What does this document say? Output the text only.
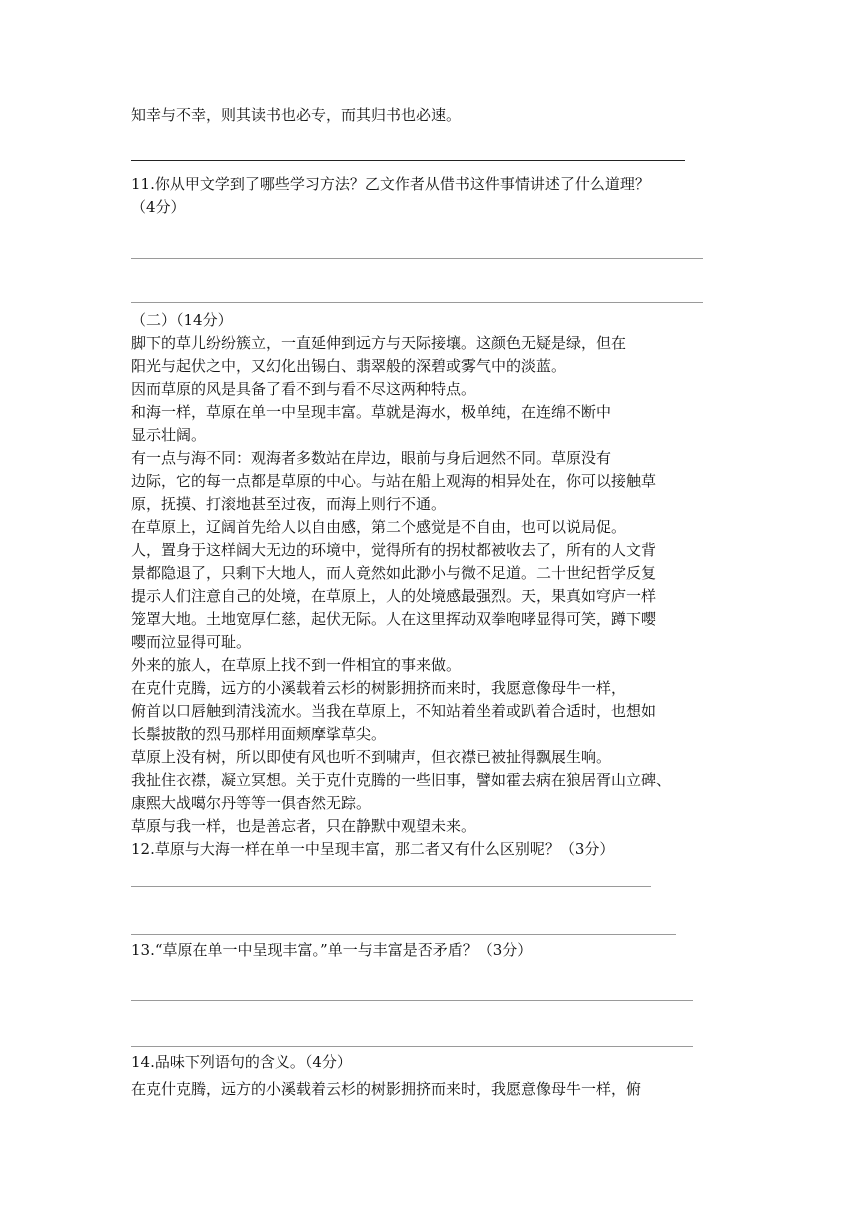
知幸与不幸，则其读书也必专，而其归书也必速。
11.你从甲文学到了哪些学习方法？乙文作者从借书这件事情讲述了什么道理？
（4分）
（二）（14分）
脚下的草儿纷纷簇立，一直延伸到远方与天际接壤。这颜色无疑是绿，但在
阳光与起伏之中，又幻化出锡白、翡翠般的深碧或雾气中的淡蓝。
因而草原的风是具备了看不到与看不尽这两种特点。
和海一样，草原在单一中呈现丰富。草就是海水，极单纯，在连绵不断中
显示壮阔。
有一点与海不同：观海者多数站在岸边，眼前与身后迥然不同。草原没有
边际，它的每一点都是草原的中心。与站在船上观海的相异处在，你可以接触草
原，抚摸、打滚地甚至过夜，而海上则行不通。
在草原上，辽阔首先给人以自由感，第二个感觉是不自由，也可以说局促。
人，置身于这样阔大无边的环境中，觉得所有的拐杖都被收去了，所有的人文背
景都隐退了，只剩下大地人，而人竟然如此渺小与微不足道。二十世纪哲学反复
提示人们注意自己的处境，在草原上，人的处境感最强烈。天，果真如穹庐一样
笼罩大地。土地宽厚仁慈，起伏无际。人在这里挥动双拳咆哮显得可笑，蹲下嘤
嘤而泣显得可耻。
外来的旅人，在草原上找不到一件相宜的事来做。
在克什克腾，远方的小溪载着云杉的树影拥挤而来时，我愿意像母牛一样，
俯首以口唇触到清浅流水。当我在草原上，不知站着坐着或趴着合适时，也想如
长鬃披散的烈马那样用面颊摩挲草尖。
草原上没有树，所以即使有风也听不到啸声，但衣襟已被扯得飘展生响。
我扯住衣襟，凝立冥想。关于克什克腾的一些旧事，譬如霍去病在狼居胥山立碑、
康熙大战噶尔丹等等一俱杳然无踪。
草原与我一样，也是善忘者，只在静默中观望未来。
12.草原与大海一样在单一中呈现丰富，那二者又有什么区别呢？（3分）
13.“草原在单一中呈现丰富。”单一与丰富是否矛盾？（3分）
14.品味下列语句的含义。（4分）
在克什克腾，远方的小溪载着云杉的树影拥挤而来时，我愿意像母牛一样，俯
